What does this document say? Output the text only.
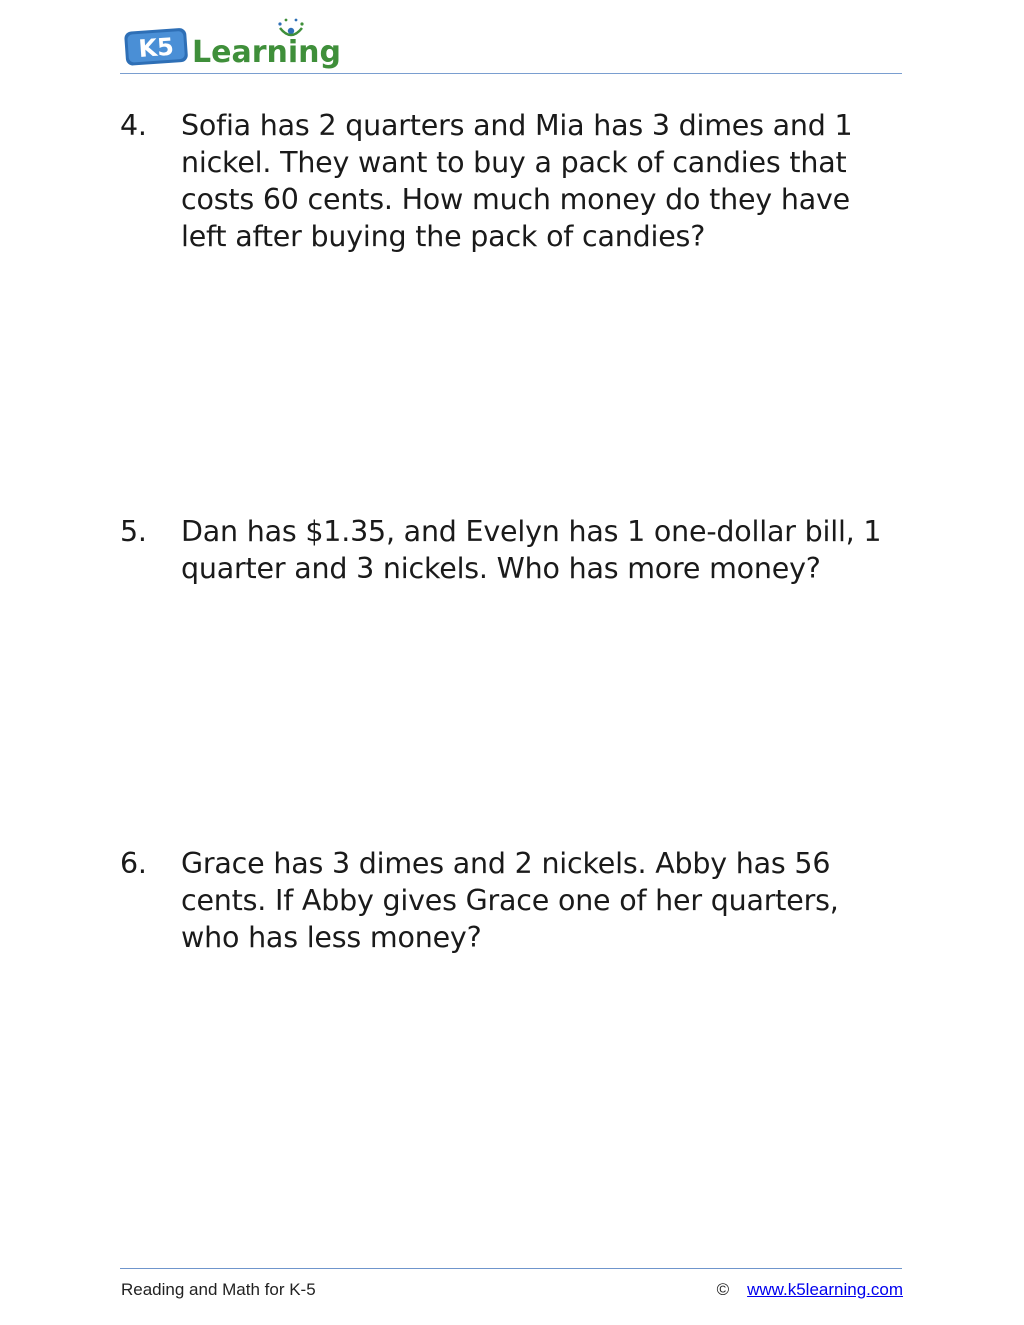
K5 Learning
4.	Sofia has 2 quarters and Mia has 3 dimes and 1 nickel. They want to buy a pack of candies that costs 60 cents. How much money do they have left after buying the pack of candies?
5.	Dan has $1.35, and Evelyn has 1 one-dollar bill, 1 quarter and 3 nickels. Who has more money?
6.	Grace has 3 dimes and 2 nickels. Abby has 56 cents. If Abby gives Grace one of her quarters, who has less money?
Reading and Math for K-5	© www.k5learning.com
